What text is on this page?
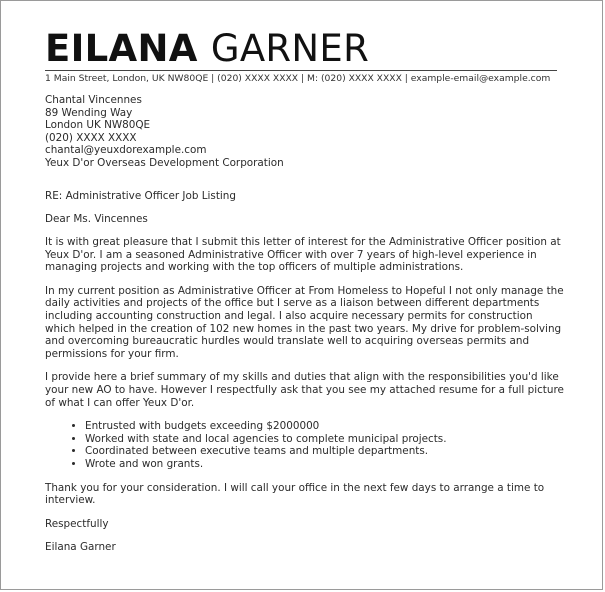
EILANA GARNER
1 Main Street, London, UK NW80QE | (020) XXXX XXXX | M: (020) XXXX XXXX | example-email@example.com
Chantal Vincennes
89 Wending Way
London UK NW80QE
(020) XXXX XXXX
chantal@yeuxdorexample.com
Yeux D'or Overseas Development Corporation
RE: Administrative Officer Job Listing
Dear Ms. Vincennes

It is with great pleasure that I submit this letter of interest for the Administrative Officer position at Yeux D'or. I am a seasoned Administrative Officer with over 7 years of high-level experience in managing projects and working with the top officers of multiple administrations.

In my current position as Administrative Officer at From Homeless to Hopeful I not only manage the daily activities and projects of the office but I serve as a liaison between different departments including accounting construction and legal. I also acquire necessary permits for construction which helped in the creation of 102 new homes in the past two years. My drive for problem-solving and overcoming bureaucratic hurdles would translate well to acquiring overseas permits and permissions for your firm.

I provide here a brief summary of my skills and duties that align with the responsibilities you'd like your new AO to have. However I respectfully ask that you see my attached resume for a full picture of what I can offer Yeux D'or.

• Entrusted with budgets exceeding $2000000
• Worked with state and local agencies to complete municipal projects.
• Coordinated between executive teams and multiple departments.
• Wrote and won grants.

Thank you for your consideration. I will call your office in the next few days to arrange a time to interview.

Respectfully

Eilana Garner
